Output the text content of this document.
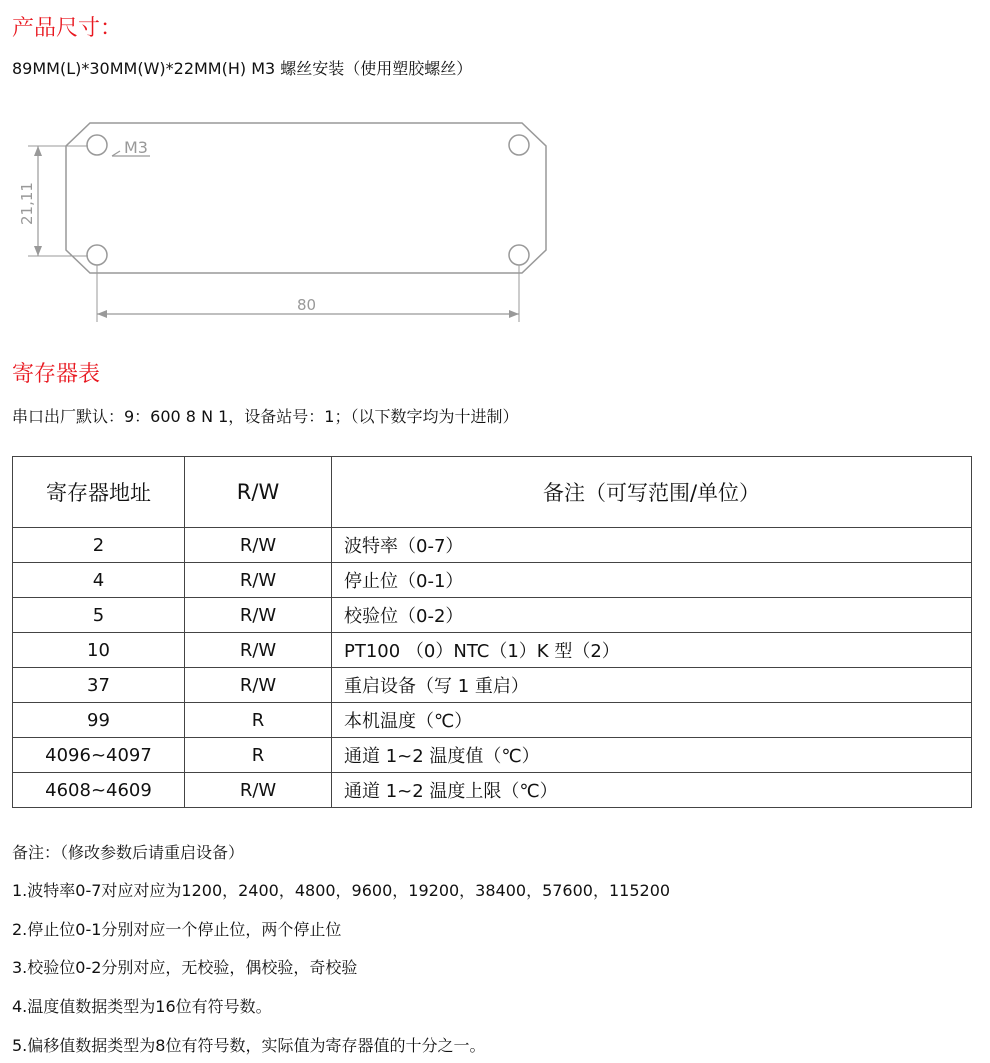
产品尺寸：
89MM(L)*30MM(W)*22MM(H) M3 螺丝安装（使用塑胶螺丝）
M3
21,11
80
寄存器表
串口出厂默认：9：600 8 N 1，设备站号：1；（以下数字均为十进制）
寄存器地址	R/W	备注（可写范围/单位）
2	R/W	波特率（0-7）
4	R/W	停止位（0-1）
5	R/W	校验位（0-2）
10	R/W	PT100 （0）NTC（1）K 型（2）
37	R/W	重启设备（写 1 重启）
99	R	本机温度（℃）
4096~4097	R	通道 1~2 温度值（℃）
4608~4609	R/W	通道 1~2 温度上限（℃）
备注：（修改参数后请重启设备）
1.波特率0-7对应对应为1200，2400，4800，9600，19200，38400，57600，115200
2.停止位0-1分别对应一个停止位，两个停止位
3.校验位0-2分别对应，无校验，偶校验，奇校验
4.温度值数据类型为16位有符号数。
5.偏移值数据类型为8位有符号数，实际值为寄存器值的十分之一。
